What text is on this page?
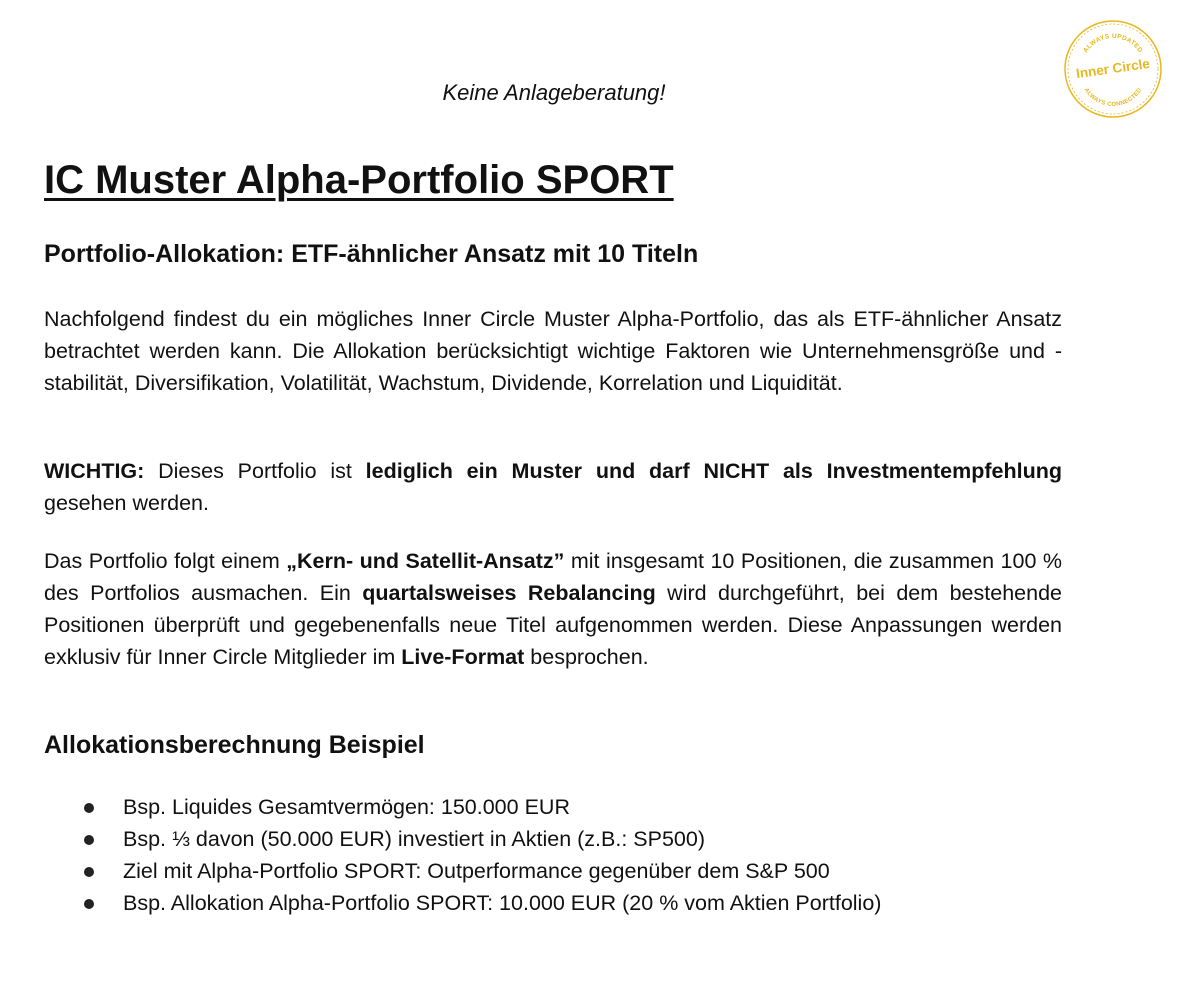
Keine Anlageberatung!
ALWAYS UPDATED
Inner Circle
ALWAYS CONNECTED
IC Muster Alpha-Portfolio SPORT
Portfolio-Allokation: ETF-ähnlicher Ansatz mit 10 Titeln

Nachfolgend findest du ein mögliches Inner Circle Muster Alpha-Portfolio, das als ETF-ähnlicher Ansatz betrachtet werden kann. Die Allokation berücksichtigt wichtige Faktoren wie Unternehmensgröße und -stabilität, Diversifikation, Volatilität, Wachstum, Dividende, Korrelation und Liquidität.

WICHTIG: Dieses Portfolio ist lediglich ein Muster und darf NICHT als Investmentempfehlung gesehen werden.

Das Portfolio folgt einem „Kern- und Satellit-Ansatz” mit insgesamt 10 Positionen, die zusammen 100 % des Portfolios ausmachen. Ein quartalsweises Rebalancing wird durchgeführt, bei dem bestehende Positionen überprüft und gegebenenfalls neue Titel aufgenommen werden. Diese Anpassungen werden exklusiv für Inner Circle Mitglieder im Live-Format besprochen.

Allokationsberechnung Beispiel
Bsp. Liquides Gesamtvermögen: 150.000 EUR
Bsp. ⅓ davon (50.000 EUR) investiert in Aktien (z.B.: SP500)
Ziel mit Alpha-Portfolio SPORT: Outperformance gegenüber dem S&P 500
Bsp. Allokation Alpha-Portfolio SPORT: 10.000 EUR (20 % vom Aktien Portfolio)
